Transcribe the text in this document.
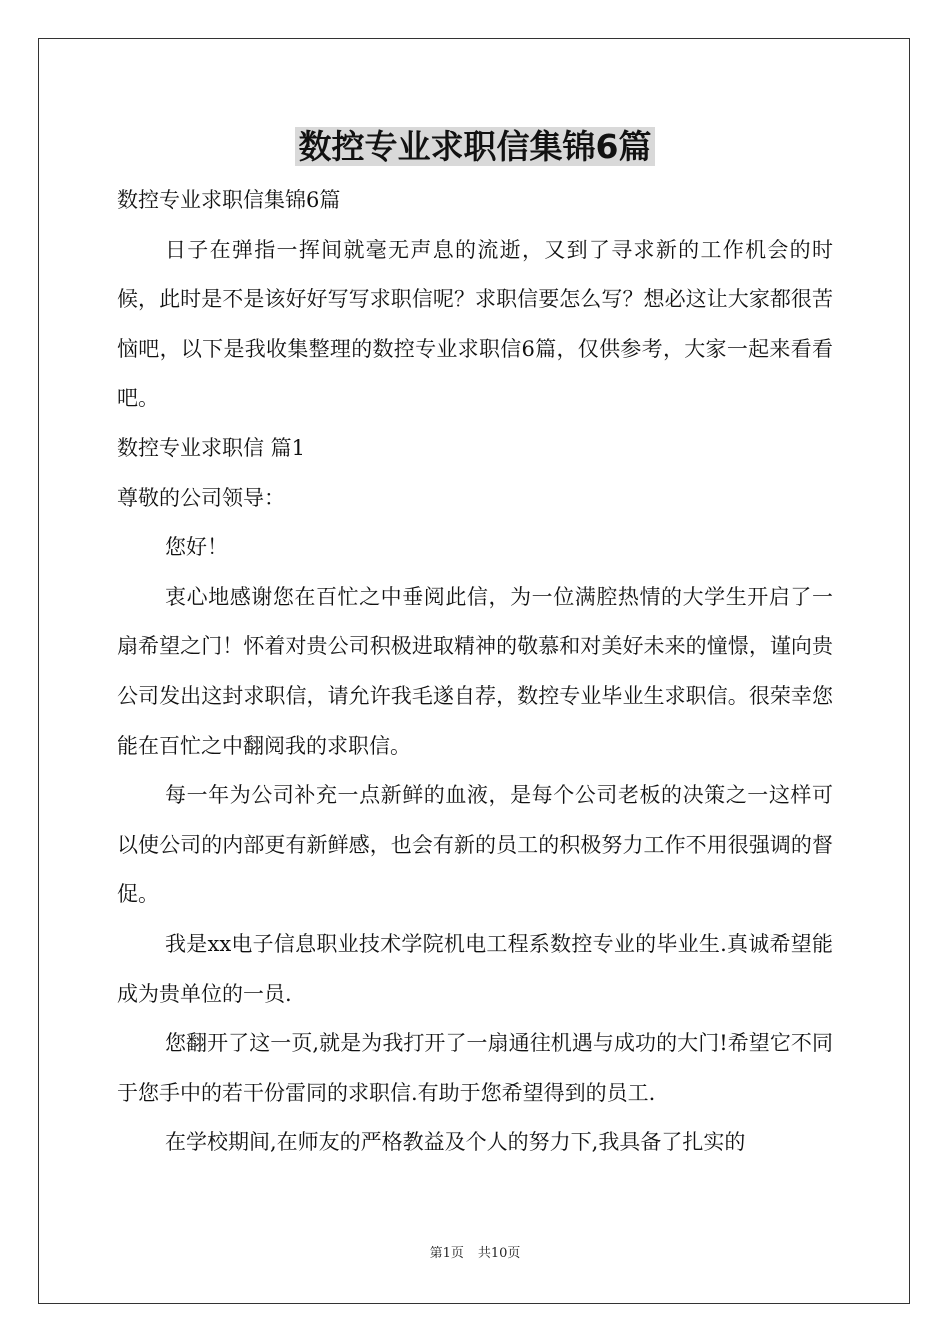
数控专业求职信集锦6篇

数控专业求职信集锦6篇

日子在弹指一挥间就毫无声息的流逝，又到了寻求新的工作机会的时候，此时是不是该好好写写求职信呢？求职信要怎么写？想必这让大家都很苦恼吧，以下是我收集整理的数控专业求职信6篇，仅供参考，大家一起来看看吧。

数控专业求职信 篇1

尊敬的公司领导：

您好！

衷心地感谢您在百忙之中垂阅此信，为一位满腔热情的大学生开启了一扇希望之门！怀着对贵公司积极进取精神的敬慕和对美好未来的憧憬，谨向贵公司发出这封求职信，请允许我毛遂自荐，数控专业毕业生求职信。很荣幸您能在百忙之中翻阅我的求职信。

每一年为公司补充一点新鲜的血液，是每个公司老板的决策之一这样可以使公司的内部更有新鲜感，也会有新的员工的积极努力工作不用很强调的督促。

我是xx电子信息职业技术学院机电工程系数控专业的毕业生.真诚希望能成为贵单位的一员.

您翻开了这一页,就是为我打开了一扇通往机遇与成功的大门!希望它不同于您手中的若干份雷同的求职信.有助于您希望得到的员工.

在学校期间,在师友的严格教益及个人的努力下,我具备了扎实的

第1页 共10页
